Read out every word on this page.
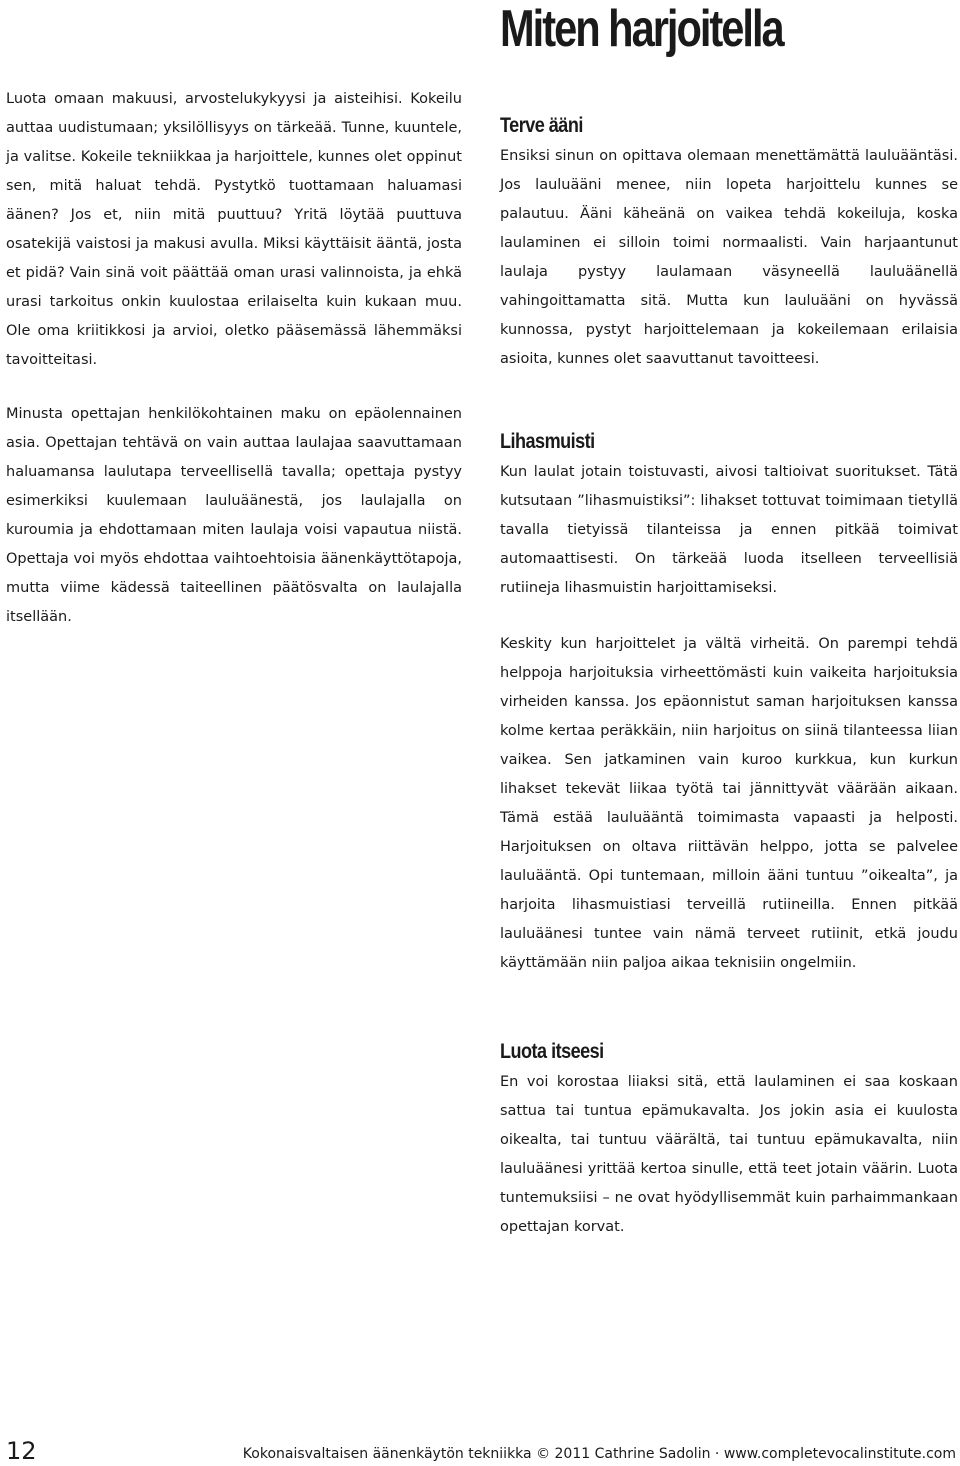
Miten harjoitella

Luota omaan makuusi, arvostelukykyysi ja aisteihisi. Kokeilu auttaa uudistumaan; yksilöllisyys on tärkeää. Tunne, kuuntele, ja valitse. Kokeile tekniikkaa ja harjoittele, kunnes olet oppinut sen, mitä haluat tehdä. Pystytkö tuottamaan haluamasi äänen? Jos et, niin mitä puuttuu? Yritä löytää puuttuva osatekijä vaistosi ja makusi avulla. Miksi käyttäisit ääntä, josta et pidä? Vain sinä voit päättää oman urasi valinnoista, ja ehkä urasi tarkoitus onkin kuulostaa erilaiselta kuin kukaan muu. Ole oma kriitikkosi ja arvioi, oletko pääsemässä lähemmäksi tavoitteitasi.

Minusta opettajan henkilökohtainen maku on epäolennainen asia. Opettajan tehtävä on vain auttaa laulajaa saavuttamaan haluamansa laulutapa terveellisellä tavalla; opettaja pystyy esimerkiksi kuulemaan lauluäänestä, jos laulajalla on kuroumia ja ehdottamaan miten laulaja voisi vapautua niistä. Opettaja voi myös ehdottaa vaihtoehtoisia äänenkäyttötapoja, mutta viime kädessä taiteellinen päätösvalta on laulajalla itsellään.

Terve ääni

Ensiksi sinun on opittava olemaan menettämättä lauluääntäsi. Jos lauluääni menee, niin lopeta harjoittelu kunnes se palautuu. Ääni käheänä on vaikea tehdä kokeiluja, koska laulaminen ei silloin toimi normaalisti. Vain harjaantunut laulaja pystyy laulamaan väsyneellä lauluäänellä vahingoittamatta sitä. Mutta kun lauluääni on hyvässä kunnossa, pystyt harjoittelemaan ja kokeilemaan erilaisia asioita, kunnes olet saavuttanut tavoitteesi.

Lihasmuisti

Kun laulat jotain toistuvasti, aivosi taltioivat suoritukset. Tätä kutsutaan ”lihasmuistiksi”: lihakset tottuvat toimimaan tietyllä tavalla tietyissä tilanteissa ja ennen pitkää toimivat automaattisesti. On tärkeää luoda itselleen terveellisiä rutiineja lihasmuistin harjoittamiseksi.

Keskity kun harjoittelet ja vältä virheitä. On parempi tehdä helppoja harjoituksia virheettömästi kuin vaikeita harjoituksia virheiden kanssa. Jos epäonnistut saman harjoituksen kanssa kolme kertaa peräkkäin, niin harjoitus on siinä tilanteessa liian vaikea. Sen jatkaminen vain kuroo kurkkua, kun kurkun lihakset tekevät liikaa työtä tai jännittyvät väärään aikaan. Tämä estää lauluääntä toimimasta vapaasti ja helposti. Harjoituksen on oltava riittävän helppo, jotta se palvelee lauluääntä. Opi tuntemaan, milloin ääni tuntuu ”oikealta”, ja harjoita lihasmuistiasi terveillä rutiineilla. Ennen pitkää lauluäänesi tuntee vain nämä terveet rutiinit, etkä joudu käyttämään niin paljoa aikaa teknisiin ongelmiin.

Luota itseesi

En voi korostaa liiaksi sitä, että laulaminen ei saa koskaan sattua tai tuntua epämukavalta. Jos jokin asia ei kuulosta oikealta, tai tuntuu väärältä, tai tuntuu epämukavalta, niin lauluäänesi yrittää kertoa sinulle, että teet jotain väärin. Luota tuntemuksiisi – ne ovat hyödyllisemmät kuin parhaimmankaan opettajan korvat.

12	Kokonaisvaltaisen äänenkäytön tekniikka © 2011 Cathrine Sadolin · www.completevocalinstitute.com
